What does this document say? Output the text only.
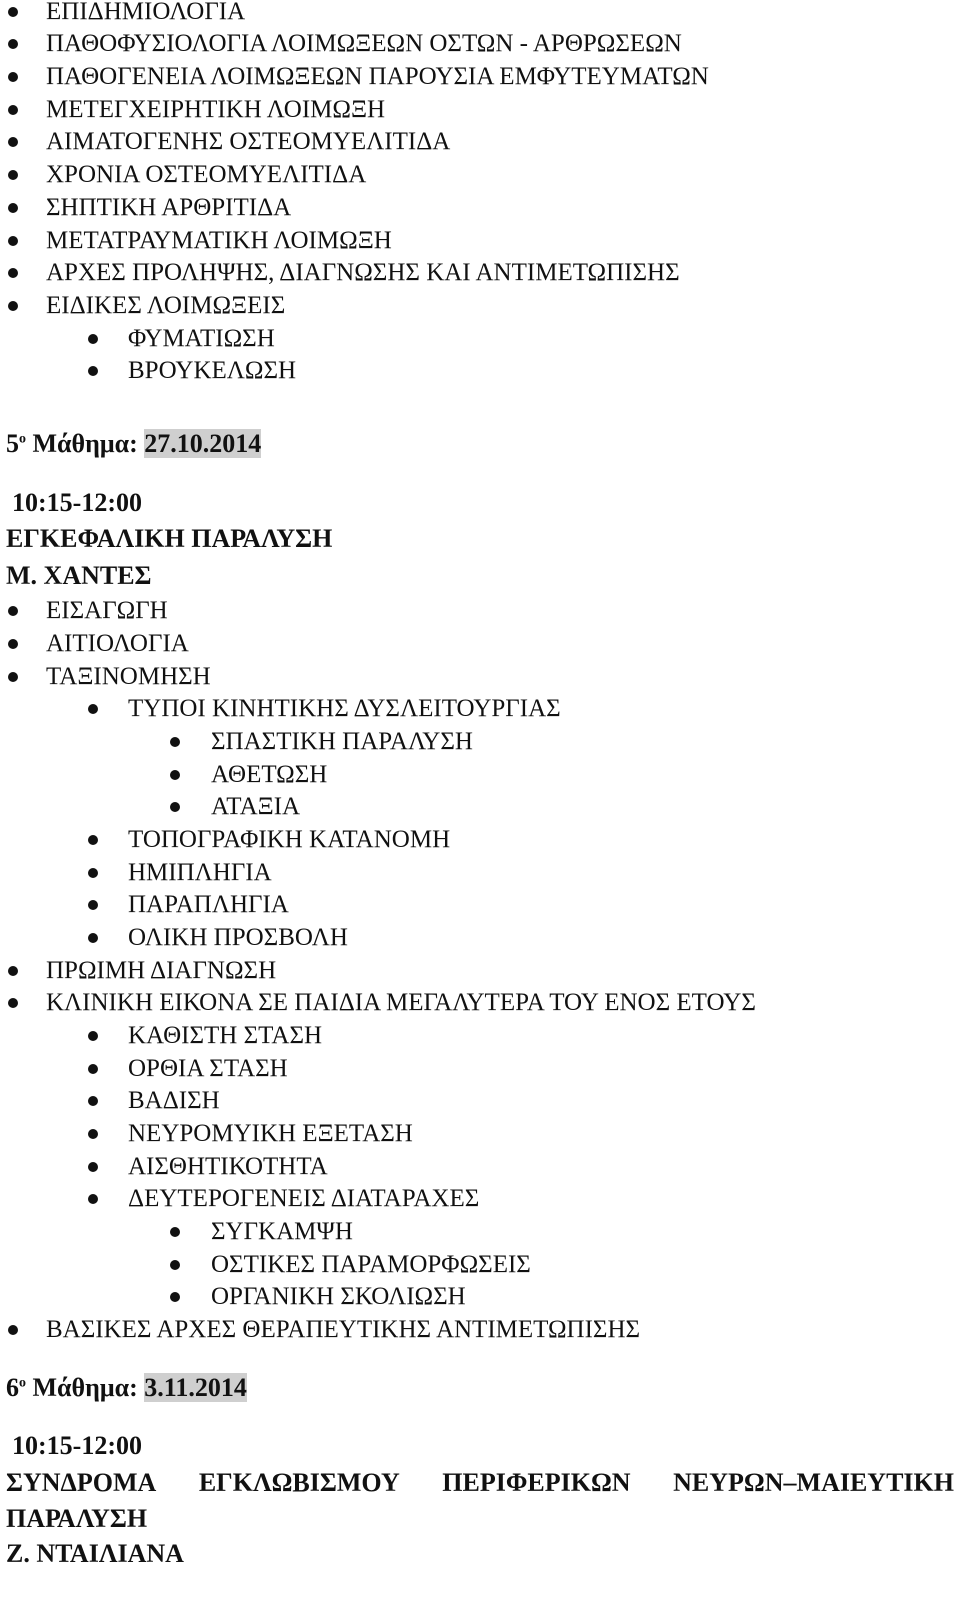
ΕΠΙΔΗΜΙΟΛΟΓΙΑ
ΠΑΘΟΦΥΣΙΟΛΟΓΙΑ ΛΟΙΜΩΞΕΩΝ ΟΣΤΩΝ - ΑΡΘΡΩΣΕΩΝ
ΠΑΘΟΓΕΝΕΙΑ ΛΟΙΜΩΞΕΩΝ ΠΑΡΟΥΣΙΑ ΕΜΦΥΤΕΥΜΑΤΩΝ
ΜΕΤΕΓΧΕΙΡΗΤΙΚΗ ΛΟΙΜΩΞΗ
ΑΙΜΑΤΟΓΕΝΗΣ ΟΣΤΕΟΜΥΕΛΙΤΙΔΑ
ΧΡΟΝΙΑ ΟΣΤΕΟΜΥΕΛΙΤΙΔΑ
ΣΗΠΤΙΚΗ ΑΡΘΡΙΤΙΔΑ
ΜΕΤΑΤΡΑΥΜΑΤΙΚΗ ΛΟΙΜΩΞΗ
ΑΡΧΕΣ ΠΡΟΛΗΨΗΣ, ΔΙΑΓΝΩΣΗΣ ΚΑΙ ΑΝΤΙΜΕΤΩΠΙΣΗΣ
ΕΙΔΙΚΕΣ ΛΟΙΜΩΞΕΙΣ
ΦΥΜΑΤΙΩΣΗ
ΒΡΟΥΚΕΛΩΣΗ
$5^o$ Μάθημα: 27.10.2014
10:15-12:00
ΕΓΚΕΦΑΛΙΚΗ ΠΑΡΑΛΥΣΗ
Μ. ΧΑΝΤΕΣ
ΕΙΣΑΓΩΓΗ
ΑΙΤΙΟΛΟΓΙΑ
ΤΑΞΙΝΟΜΗΣΗ
ΤΥΠΟΙ ΚΙΝΗΤΙΚΗΣ ΔΥΣΛΕΙΤΟΥΡΓΙΑΣ
ΣΠΑΣΤΙΚΗ ΠΑΡΑΛΥΣΗ
ΑΘΕΤΩΣΗ
ΑΤΑΞΙΑ
ΤΟΠΟΓΡΑΦΙΚΗ ΚΑΤΑΝΟΜΗ
ΗΜΙΠΛΗΓΙΑ
ΠΑΡΑΠΛΗΓΙΑ
ΟΛΙΚΗ ΠΡΟΣΒΟΛΗ
ΠΡΩΙΜΗ ΔΙΑΓΝΩΣΗ
ΚΛΙΝΙΚΗ ΕΙΚΟΝΑ ΣΕ ΠΑΙΔΙΑ ΜΕΓΑΛΥΤΕΡΑ ΤΟΥ ΕΝΟΣ ΕΤΟΥΣ
ΚΑΘΙΣΤΗ ΣΤΑΣΗ
ΟΡΘΙΑ ΣΤΑΣΗ
ΒΑΔΙΣΗ
ΝΕΥΡΟΜΥΙΚΗ ΕΞΕΤΑΣΗ
ΑΙΣΘΗΤΙΚΟΤΗΤΑ
ΔΕΥΤΕΡΟΓΕΝΕΙΣ ΔΙΑΤΑΡΑΧΕΣ
ΣΥΓΚΑΜΨΗ
ΟΣΤΙΚΕΣ ΠΑΡΑΜΟΡΦΩΣΕΙΣ
ΟΡΓΑΝΙΚΗ ΣΚΟΛΙΩΣΗ
ΒΑΣΙΚΕΣ ΑΡΧΕΣ ΘΕΡΑΠΕΥΤΙΚΗΣ ΑΝΤΙΜΕΤΩΠΙΣΗΣ
$6^o$ Μάθημα: 3.11.2014
10:15-12:00
ΣΥΝΔΡΟΜΑ ΕΓΚΛΩΒΙΣΜΟΥ ΠΕΡΙΦΕΡΙΚΩΝ ΝΕΥΡΩΝ–ΜΑΙΕΥΤΙΚΗ
ΠΑΡΑΛΥΣΗ
Ζ. ΝΤΑΙΛΙΑΝΑ
